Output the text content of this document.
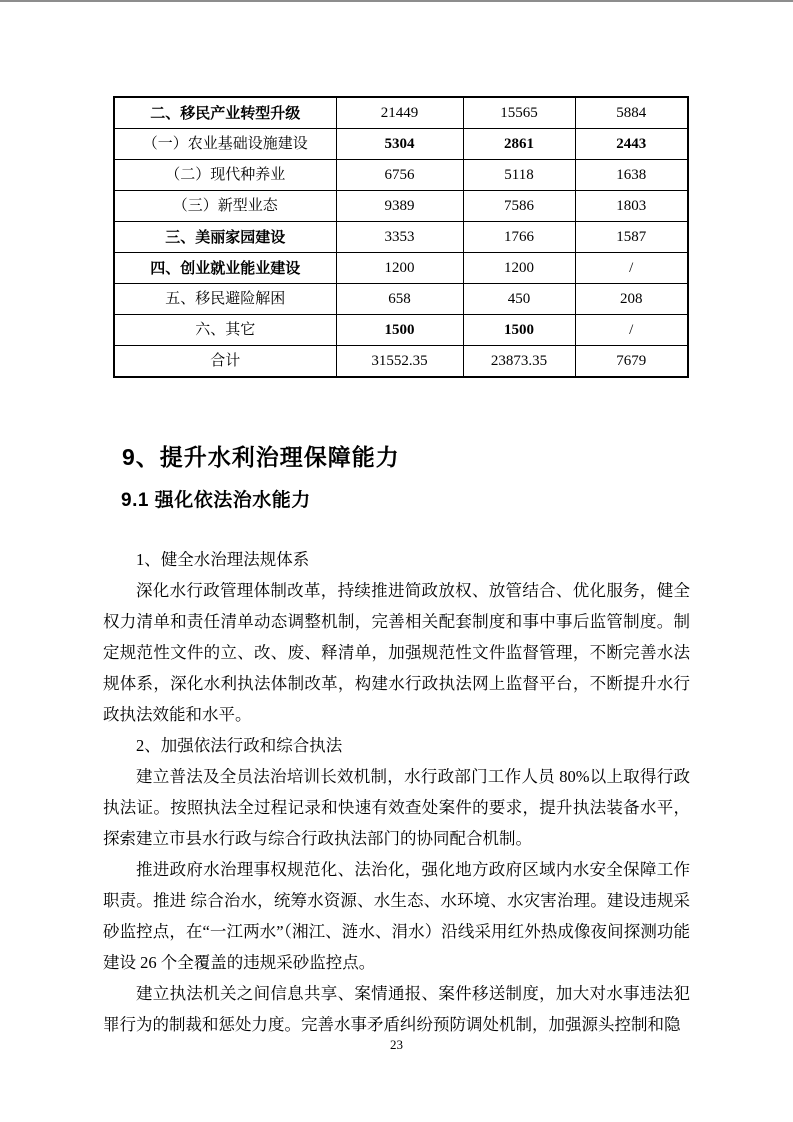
二、移民产业转型升级	21449	15565	5884
（一）农业基础设施建设	5304	2861	2443
（二）现代种养业	6756	5118	1638
（三）新型业态	9389	7586	1803
三、美丽家园建设	3353	1766	1587
四、创业就业能业建设	1200	1200	/
五、移民避险解困	658	450	208
六、其它	1500	1500	/
合计	31552.35	23873.35	7679
9、提升水利治理保障能力
9.1 强化依法治水能力

1、健全水治理法规体系

深化水行政管理体制改革，持续推进简政放权、放管结合、优化服务，健全权力清单和责任清单动态调整机制，完善相关配套制度和事中事后监管制度。制定规范性文件的立、改、废、释清单，加强规范性文件监督管理，不断完善水法规体系，深化水利执法体制改革，构建水行政执法网上监督平台，不断提升水行政执法效能和水平。

2、加强依法行政和综合执法

建立普法及全员法治培训长效机制，水行政部门工作人员 80%以上取得行政执法证。按照执法全过程记录和快速有效查处案件的要求，提升执法装备水平，探索建立市县水行政与综合行政执法部门的协同配合机制。

推进政府水治理事权规范化、法治化，强化地方政府区域内水安全保障工作职责。推进 综合治水，统筹水资源、水生态、水环境、水灾害治理。建设违规采砂监控点，在“一江两水”（湘江、涟水、涓水）沿线采用红外热成像夜间探测功能建设 26 个全覆盖的违规采砂监控点。

建立执法机关之间信息共享、案情通报、案件移送制度，加大对水事违法犯罪行为的制裁和惩处力度。完善水事矛盾纠纷预防调处机制，加强源头控制和隐

23
